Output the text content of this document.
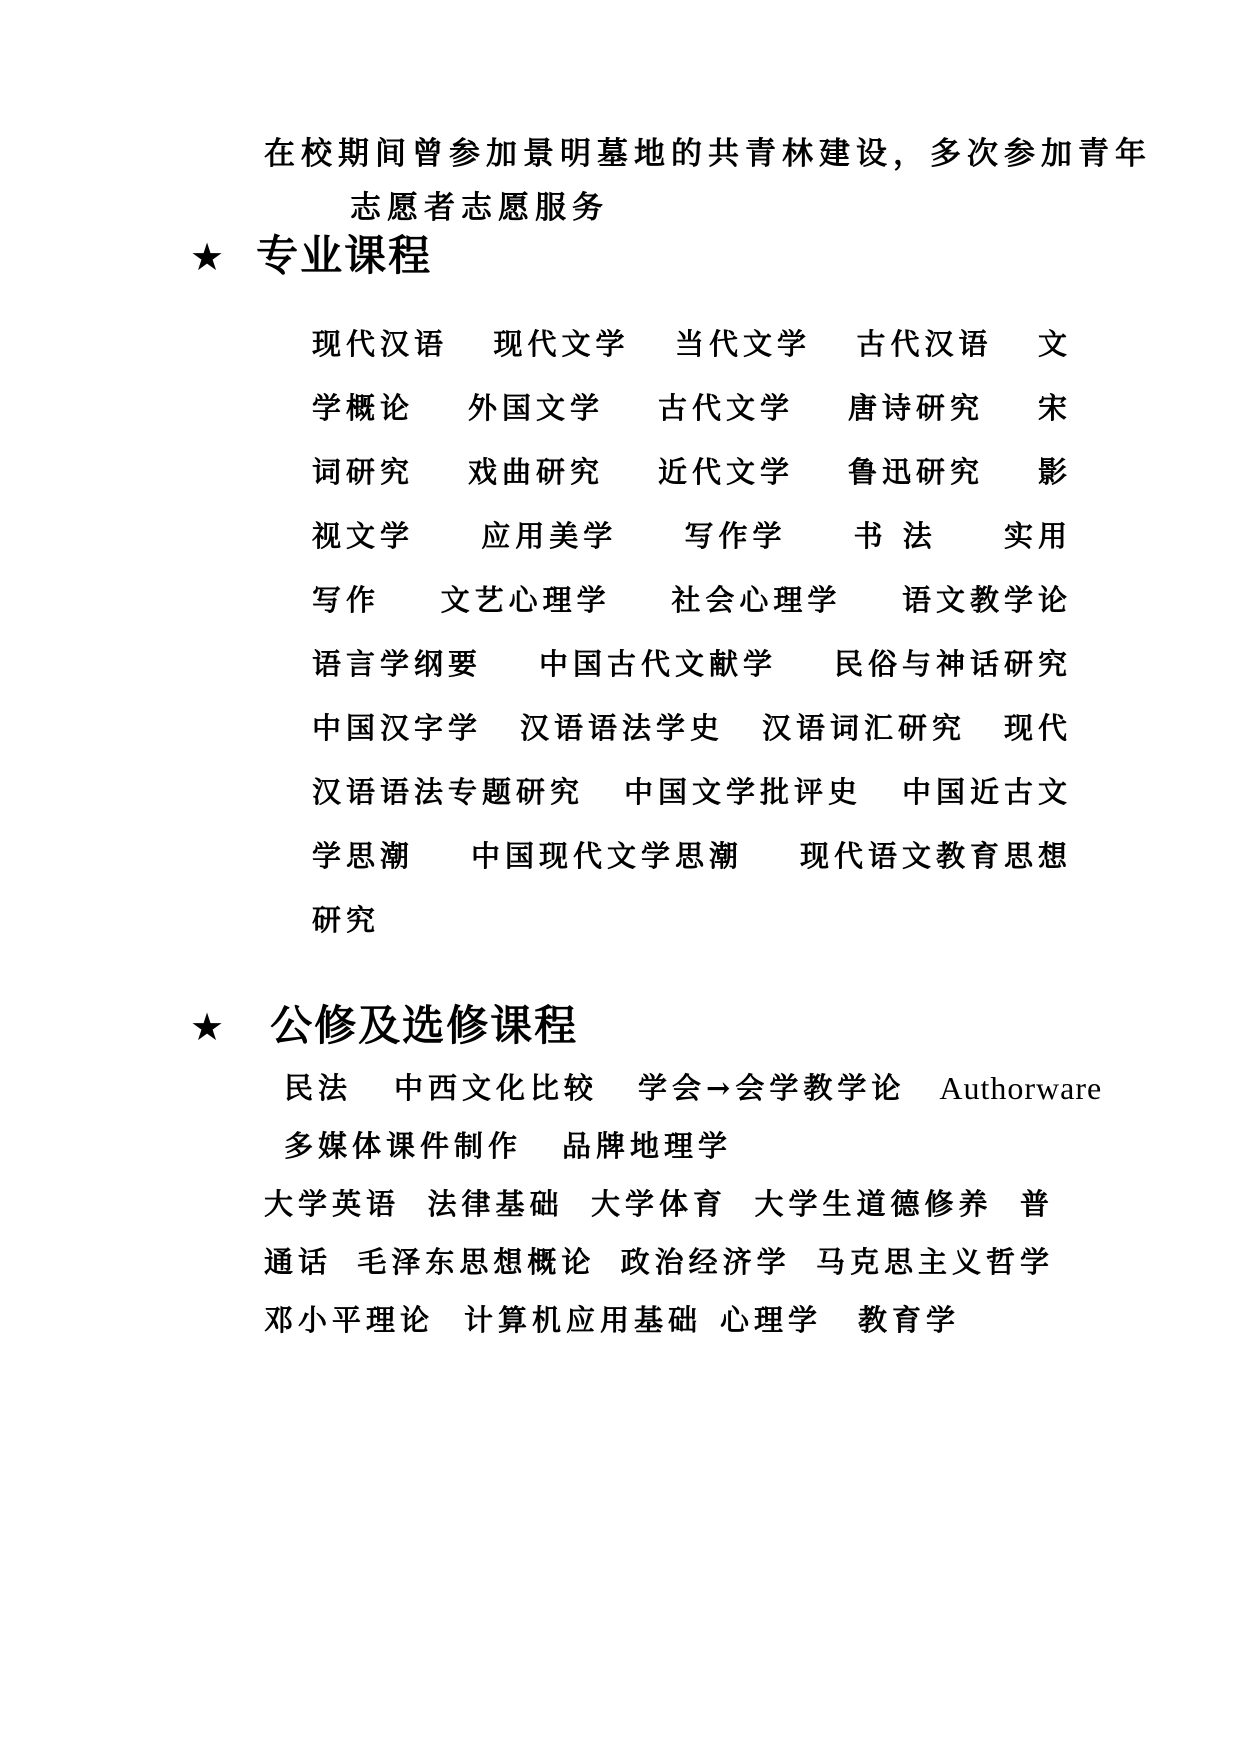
在校期间曾参加景明墓地的共青林建设，多次参加青年
志愿者志愿服务
★ 专业课程
现代汉语 现代文学 当代文学 古代汉语 文
学概论 外国文学 古代文学 唐诗研究 宋
词研究 戏曲研究 近代文学 鲁迅研究 影
视文学 应用美学 写作学 书 法 实用
写作 文艺心理学 社会心理学 语文教学论
语言学纲要 中国古代文献学 民俗与神话研究
中国汉字学 汉语语法学史 汉语词汇研究 现代
汉语语法专题研究 中国文学批评史 中国近古文
学思潮 中国现代文学思潮 现代语文教育思想
研究
★ 公修及选修课程
民法 中西文化比较 学会→会学教学论 Authorware
多媒体课件制作 品牌地理学
大学英语 法律基础 大学体育 大学生道德修养 普
通话 毛泽东思想概论 政治经济学 马克思主义哲学
邓小平理论 计算机应用基础 心理学 教育学
